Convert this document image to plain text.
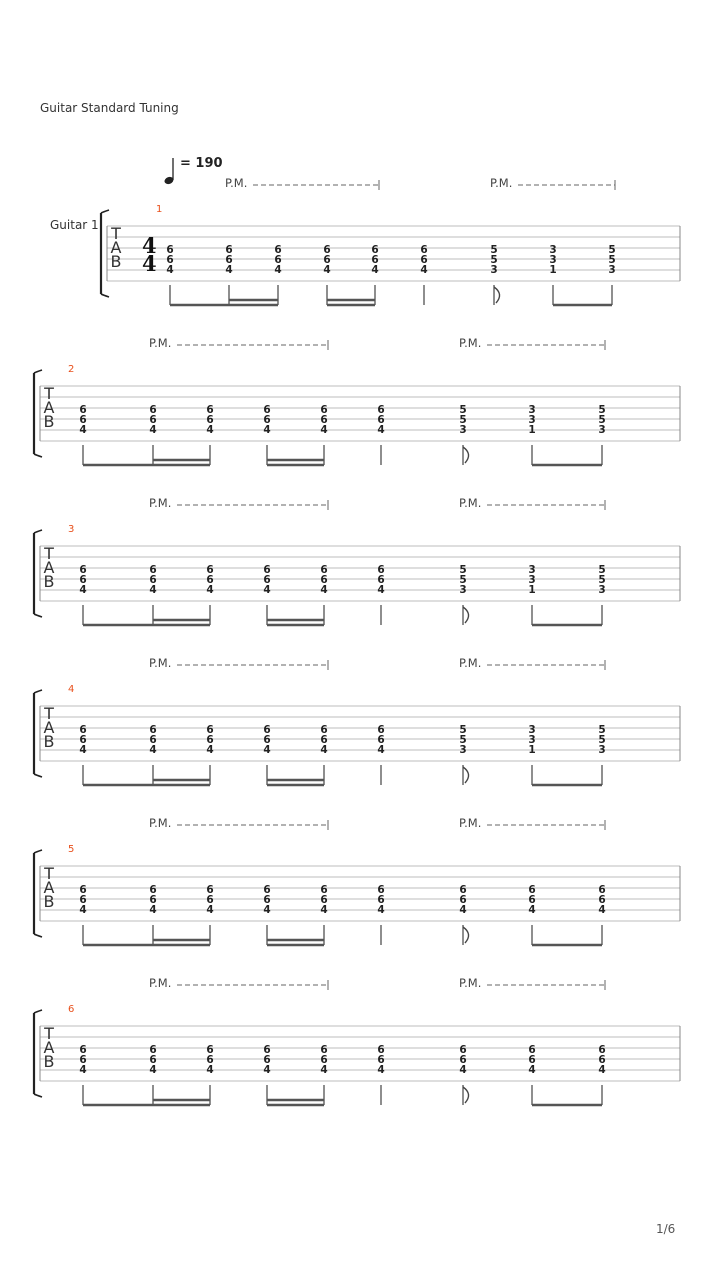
Guitar Standard Tuning
= 190
Guitar 1 T
A
B
4
4
1
6
6
4
6
6
4
6
6
4
6
6
4
6
6
4
6
6
4
5
5
3
3
3
1
5
5
3
P.M.	P.M.
T
A
B
2
6
6
4
6
6
4
6
6
4
6
6
4
6
6
4
6
6
4
5
5
3
3
3
1
5
5
3
P.M.	P.M.
T
A
B
3
6
6
4
6
6
4
6
6
4
6
6
4
6
6
4
6
6
4
5
5
3
3
3
1
5
5
3
P.M.	P.M.
T
A
B
4
6
6
4
6
6
4
6
6
4
6
6
4
6
6
4
6
6
4
5
5
3
3
3
1
5
5
3
P.M.	P.M.
T
A
B
5
6
6
4
6
6
4
6
6
4
6
6
4
6
6
4
6
6
4
6
6
4
6
6
4
6
6
4
P.M.	P.M.
T
A
B
6
6
6
4
6
6
4
6
6
4
6
6
4
6
6
4
6
6
4
6
6
4
6
6
4
6
6
4
P.M.	P.M.
1/6
